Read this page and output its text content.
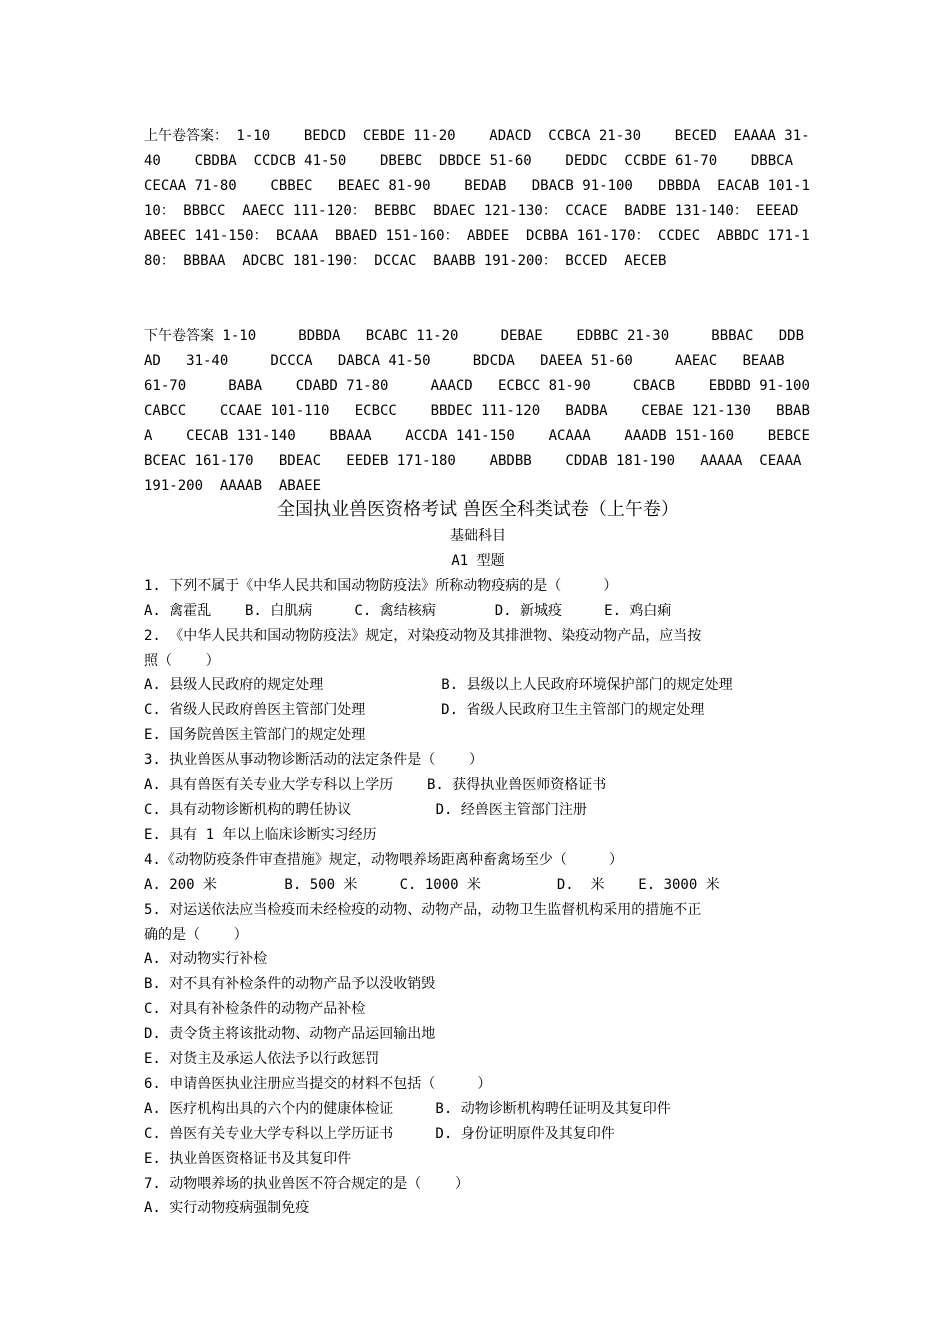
上午卷答案： 1-10    BEDCD  CEBDE 11-20    ADACD  CCBCA 21-30    BECED  EAAAA 31-40    CBDBA  CCDCB 41-50    DBEBC  DBDCE 51-60    DEDDC  CCBDE 61-70    DBBCA  CECAA 71-80    CBBEC   BEAEC 81-90    BEDAB   DBACB 91-100   DBBDA  EACAB 101-110： BBBCC  AAECC 111-120： BEBBC  BDAEC 121-130： CCACE  BADBE 131-140： EEEAD  ABEEC 141-150： BCAAA  BBAED 151-160： ABDEE  DCBBA 161-170： CCDEC  ABBDC 171-180： BBBAA  ADCBC 181-190： DCCAC  BAABB 191-200： BCCED  AECEB
下午卷答案 1-10     BDBDA   BCABC 11-20     DEBAE    EDBBC 21-30     BBBAC   DDBAD   31-40     DCCCA   DABCA 41-50     BDCDA   DAEEA 51-60     AAEAC   BEAAB   61-70     BABA    CDABD 71-80     AAACD   ECBCC 81-90     CBACB    EBDBD 91-100    CABCC    CCAAE 101-110   ECBCC    BBDEC 111-120   BADBA    CEBAE 121-130   BBABA    CECAB 131-140    BBAAA    ACCDA 141-150    ACAAA    AAADB 151-160    BEBCE   BCEAC 161-170   BDEAC   EEDEB 171-180    ABDBB    CDDAB 181-190   AAAAA  CEAAA 191-200  AAAAB  ABAEE
全国执业兽医资格考试 兽医全科类试卷（上午卷）
基础科目
A1 型题
1. 下列不属于《中华人民共和国动物防疫法》所称动物疫病的是（     ）
A. 禽霍乱    B. 白肌病     C. 禽结核病       D. 新城疫     E. 鸡白痢
2. 《中华人民共和国动物防疫法》规定，对染疫动物及其排泄物、染疫动物产品，应当按
照（    ）
A. 县级人民政府的规定处理              B. 县级以上人民政府环境保护部门的规定处理
C. 省级人民政府兽医主管部门处理         D. 省级人民政府卫生主管部门的规定处理
E. 国务院兽医主管部门的规定处理
3. 执业兽医从事动物诊断活动的法定条件是（    ）
A. 具有兽医有关专业大学专科以上学历    B. 获得执业兽医师资格证书
C. 具有动物诊断机构的聘任协议          D. 经兽医主管部门注册
E. 具有 1 年以上临床诊断实习经历
4.《动物防疫条件审查措施》规定，动物喂养场距离种畜禽场至少（     ）
A. 200 米        B. 500 米     C. 1000 米         D.  米    E. 3000 米
5. 对运送依法应当检疫而未经检疫的动物、动物产品，动物卫生监督机构采用的措施不正
确的是（    ）
A. 对动物实行补检
B. 对不具有补检条件的动物产品予以没收销毁
C. 对具有补检条件的动物产品补检
D. 责令货主将该批动物、动物产品运回输出地
E. 对货主及承运人依法予以行政惩罚
6. 申请兽医执业注册应当提交的材料不包括（     ）
A. 医疗机构出具的六个内的健康体检证     B. 动物诊断机构聘任证明及其复印件
C. 兽医有关专业大学专科以上学历证书     D. 身份证明原件及其复印件
E. 执业兽医资格证书及其复印件
7. 动物喂养场的执业兽医不符合规定的是（    ）
A. 实行动物疫病强制免疫
